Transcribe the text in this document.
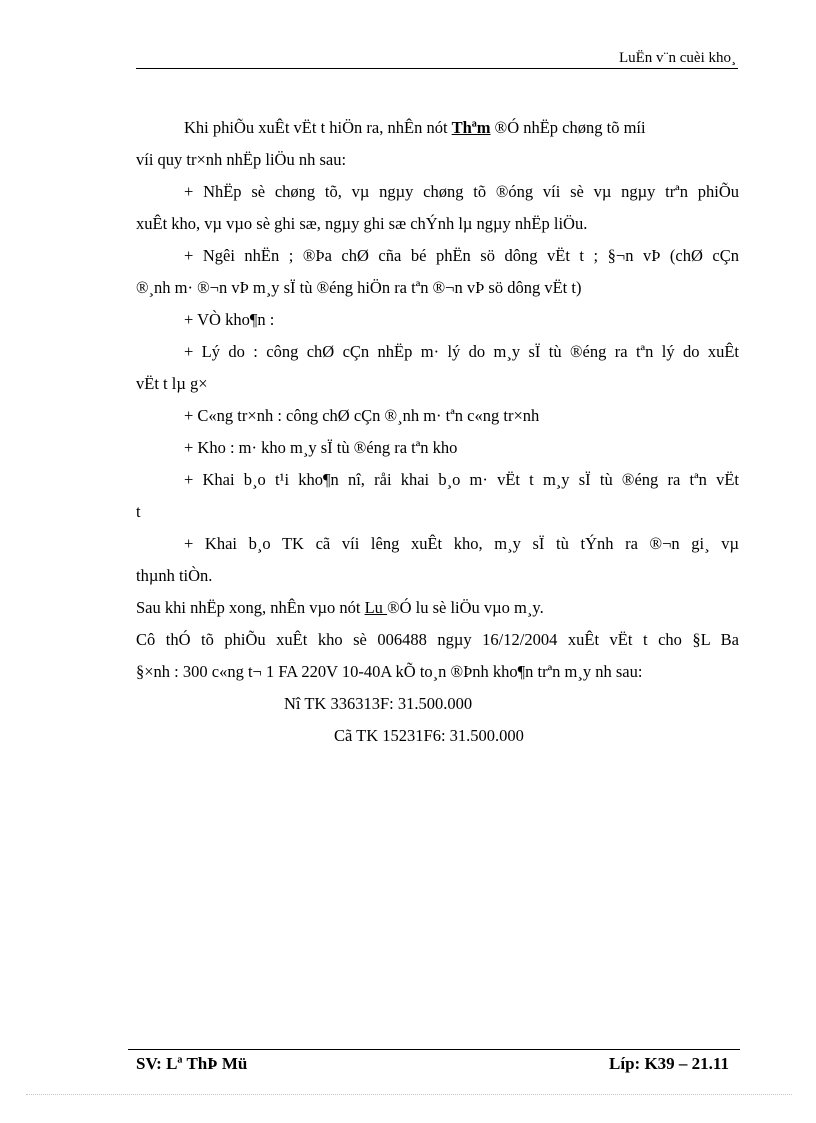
LuËn v¨n cuèi kho¸
Khi phiÕu xuÊt vËt t hiÖn ra, nhÊn nót Thªm ®Ó nhËp chøng tõ míi
víi quy tr×nh nhËp liÖu nh sau:
+ NhËp sè chøng tõ, vµ ngµy chøng tõ ®óng víi sè vµ ngµy trªn phiÕu
xuÊt kho, vµ vµo sè ghi sæ, ngµy ghi sæ chÝnh lµ ngµy nhËp liÖu.
+ Ngêi nhËn ; ®Þa chØ cña bé phËn sö dông vËt t ; §¬n vÞ (chØ cÇn
®¸nh m· ®¬n vÞ m¸y sÏ tù ®éng hiÖn ra tªn ®¬n vÞ sö dông vËt t)
+ VÒ kho¶n :
+ Lý do : công chØ cÇn nhËp m· lý do m¸y sÏ tù ®éng ra tªn lý do xuÊt
vËt t lµ g×
+ C«ng tr×nh : công chØ cÇn ®¸nh m· tªn c«ng tr×nh
+ Kho : m· kho m¸y sÏ tù ®éng ra tªn kho
+ Khai b¸o t¹i kho¶n nî, råi khai b¸o m· vËt t m¸y sÏ tù ®éng ra tªn vËt
t
+ Khai b¸o TK cã víi lêng xuÊt kho, m¸y sÏ tù tÝnh ra ®¬n gi¸ vµ
thµnh tiÒn.
Sau khi nhËp xong, nhÊn vµo nót Lu ®Ó lu sè liÖu vµo m¸y.
Cô thÓ tõ phiÕu xuÊt kho sè 006488 ngµy 16/12/2004 xuÊt vËt t cho §L Ba
§×nh : 300 c«ng t¬ 1 FA 220V 10-40A kÕ to¸n ®Þnh kho¶n trªn m¸y nh sau:
Nî TK 336313F: 31.500.000
Cã TK 15231F6: 31.500.000
SV: Lª ThÞ Mü	Líp: K39 – 21.11
